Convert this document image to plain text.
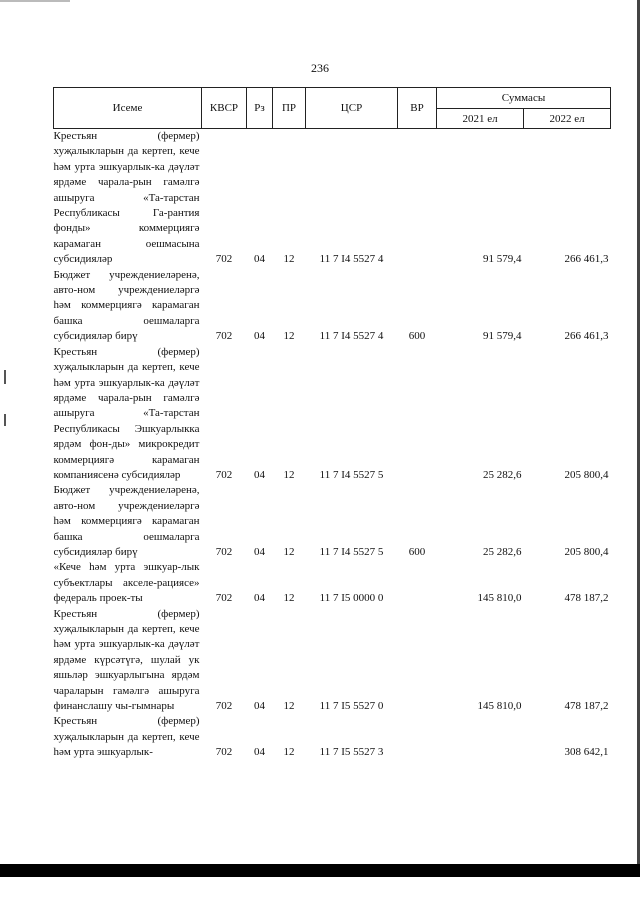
236
Исеме	КВСР	Рз	ПР	ЦСР	ВР	Суммасы	
						2021 ел	2022 ел
Крестьян (фермер) хуҗалыкларын да кертеп, кече һәм урта эшкуарлык-ка дәүләт ярдәме чарала-рын гамәлгә ашыруга «Та-тарстан Республикасы Га-рантия фонды» коммерциягә карамаган оешмасына субсидияләр	702	04	12	11 7 I4 5527 4		91 579,4	266 461,3
Бюджет учреждениеләренә, авто-ном учреждениеләргә һәм коммерциягә карамаган башка оешмаларга субсидияләр бирү	702	04	12	11 7 I4 5527 4	600	91 579,4	266 461,3
Крестьян (фермер) хуҗалыкларын да кертеп, кече һәм урта эшкуарлык-ка дәүләт ярдәме чарала-рын гамәлгә ашыруга «Та-тарстан Республикасы Эшкуарлыкка ярдәм фон-ды» микрокредит коммерциягә карамаган компаниясенә субсидияләр	702	04	12	11 7 I4 5527 5		25 282,6	205 800,4
Бюджет учреждениеләренә, авто-ном учреждениеләргә һәм коммерциягә карамаган башка оешмаларга субсидияләр бирү	702	04	12	11 7 I4 5527 5	600	25 282,6	205 800,4
«Кече һәм урта эшкуар-лык субъектлары акселе-рациясе» федераль проек-ты	702	04	12	11 7 I5 0000 0		145 810,0	478 187,2
Крестьян (фермер) хуҗалыкларын да кертеп, кече һәм урта эшкуарлык-ка дәүләт ярдәме күрсәтүгә, шулай ук яшьләр эшкуарлыгына ярдәм чараларын гамәлгә ашыруга финанслашу чы-гымнары	702	04	12	11 7 I5 5527 0		145 810,0	478 187,2
Крестьян (фермер) хуҗалыкларын да кертеп, кече һәм урта эшкуарлык-	702	04	12	11 7 I5 5527 3			308 642,1
